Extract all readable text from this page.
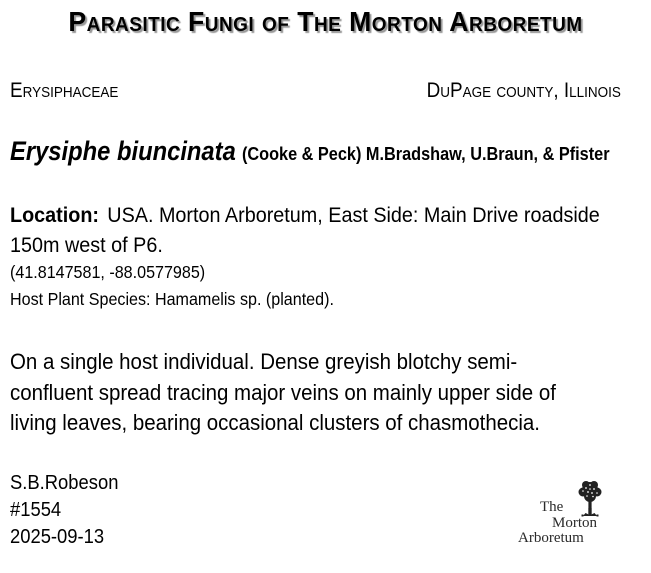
Parasitic Fungi of The Morton Arboretum
Erysiphaceae	DuPage county, Illinois
Erysiphe biuncinata (Cooke & Peck) M.Bradshaw, U.Braun, & Pfister
Location: USA. Morton Arboretum, East Side: Main Drive roadside
150m west of P6.
(41.8147581, -88.0577985)
Host Plant Species: Hamamelis sp. (planted).
On a single host individual. Dense greyish blotchy semi-
confluent spread tracing major veins on mainly upper side of
living leaves, bearing occasional clusters of chasmothecia.
S.B.Robeson
#1554
2025-09-13
The
Morton
Arboretum
